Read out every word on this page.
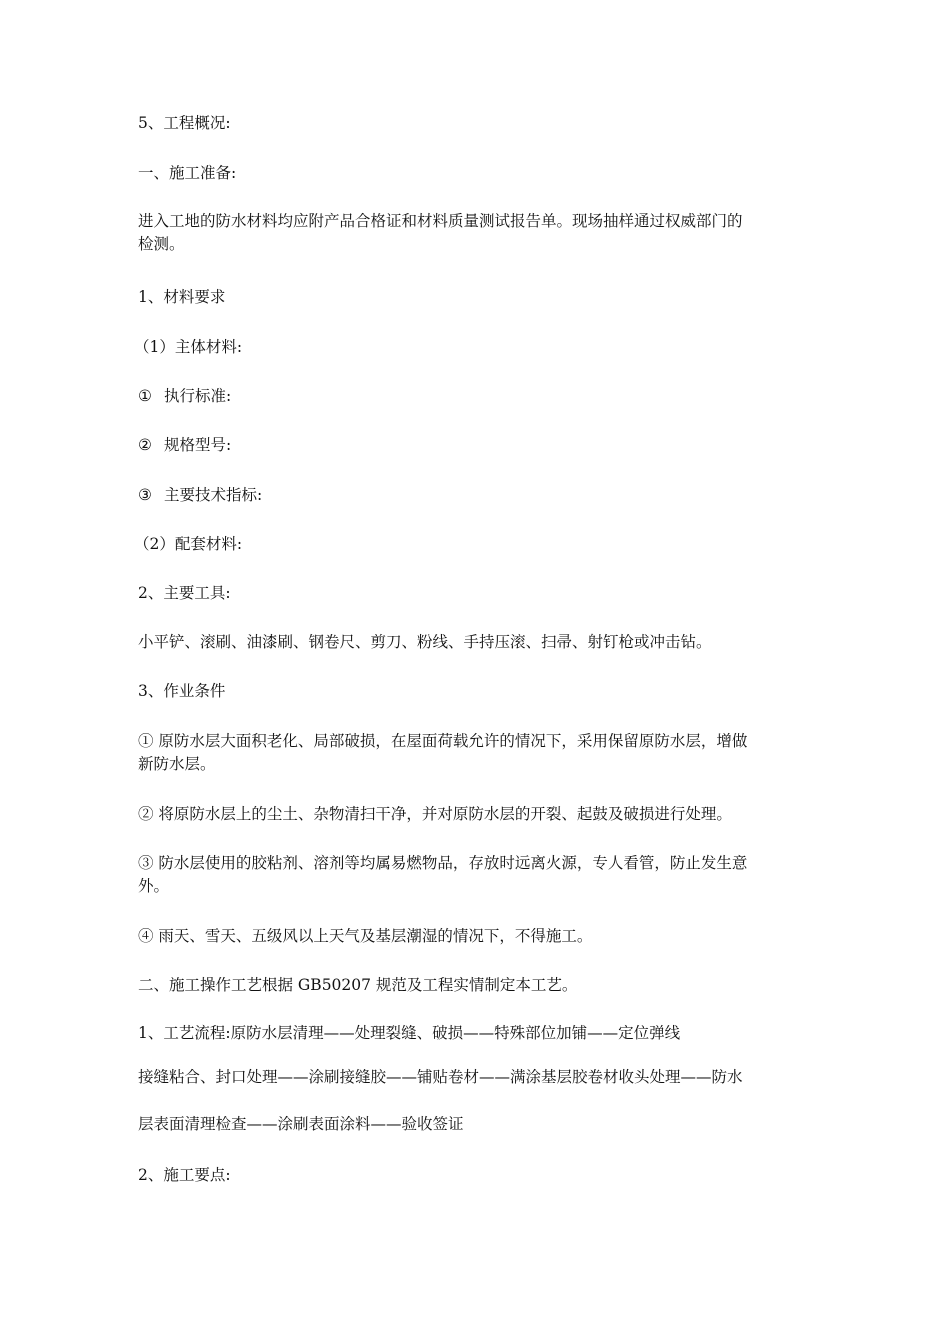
5、工程概况:
一、施工准备:
进入工地的防水材料均应附产品合格证和材料质量测试报告单。现场抽样通过权威部门的
检测。
1、材料要求
（1）主体材料:
① 执行标准:
② 规格型号:
③ 主要技术指标:
（2）配套材料:
2、主要工具:
小平铲、滚刷、油漆刷、钢卷尺、剪刀、粉线、手持压滚、扫帚、射钉枪或冲击钻。
3、作业条件
① 原防水层大面积老化、局部破损，在屋面荷载允许的情况下，采用保留原防水层，增做
新防水层。
② 将原防水层上的尘土、杂物清扫干净，并对原防水层的开裂、起鼓及破损进行处理。
③ 防水层使用的胶粘剂、溶剂等均属易燃物品，存放时远离火源，专人看管，防止发生意
外。
④ 雨天、雪天、五级风以上天气及基层潮湿的情况下，不得施工。
二、施工操作工艺根据 GB50207 规范及工程实情制定本工艺。
1、工艺流程:原防水层清理——处理裂缝、破损——特殊部位加铺——定位弹线
接缝粘合、封口处理——涂刷接缝胶——铺贴卷材——满涂基层胶卷材收头处理——防水
层表面清理检查——涂刷表面涂料——验收签证
2、施工要点:
